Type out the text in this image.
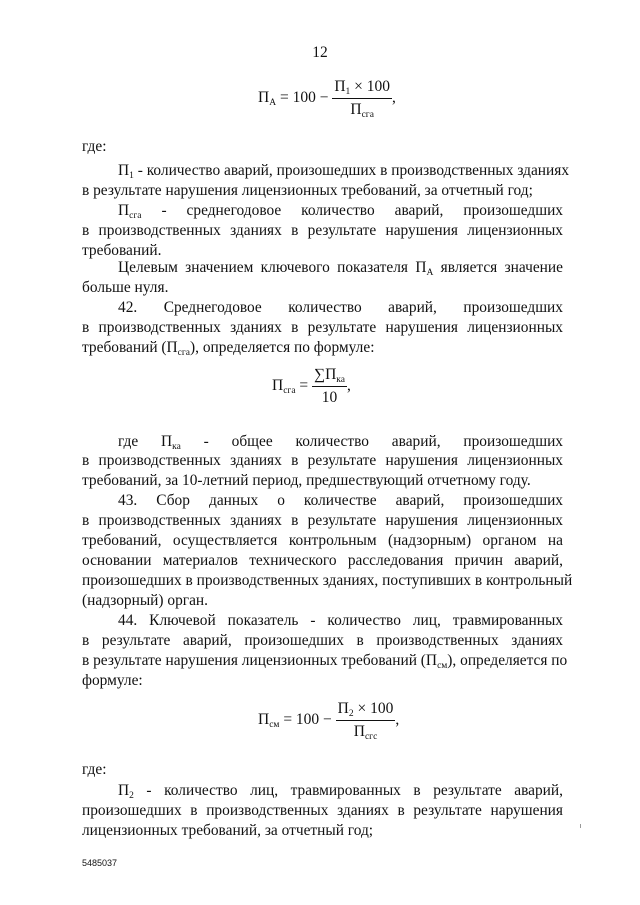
12
$П_А = 100 - \frac{П_1 \times 100}{П_{сга}}$ ,
где:
$П_1$ - количество аварий, произошедших в производственных зданиях
в результате нарушения лицензионных требований, за отчетный год;
$П_{сга}$ - среднегодовое количество аварий, произошедших
в производственных зданиях в результате нарушения лицензионных
требований.
Целевым значением ключевого показателя $П_А$ является значение
больше нуля.
42. Среднегодовое количество аварий, произошедших
в производственных зданиях в результате нарушения лицензионных
требований $(П_{сга})$, определяется по формуле:
$П_{сга} = \frac{\sum П_{ка}}{10}$ ,
где $П_{ка}$ - общее количество аварий, произошедших
в производственных зданиях в результате нарушения лицензионных
требований, за 10-летний период, предшествующий отчетному году.
43. Сбор данных о количестве аварий, произошедших
в производственных зданиях в результате нарушения лицензионных
требований, осуществляется контрольным (надзорным) органом на
основании материалов технического расследования причин аварий,
произошедших в производственных зданиях, поступивших в контрольный
(надзорный) орган.
44. Ключевой показатель - количество лиц, травмированных
в результате аварий, произошедших в производственных зданиях
в результате нарушения лицензионных требований $(П_{см})$, определяется по
формуле:
$П_{см} = 100 - \frac{П_2 \times 100}{П_{сгс}}$ ,
где:
$П_2$ - количество лиц, травмированных в результате аварий,
произошедших в производственных зданиях в результате нарушения
лицензионных требований, за отчетный год;
5485037
